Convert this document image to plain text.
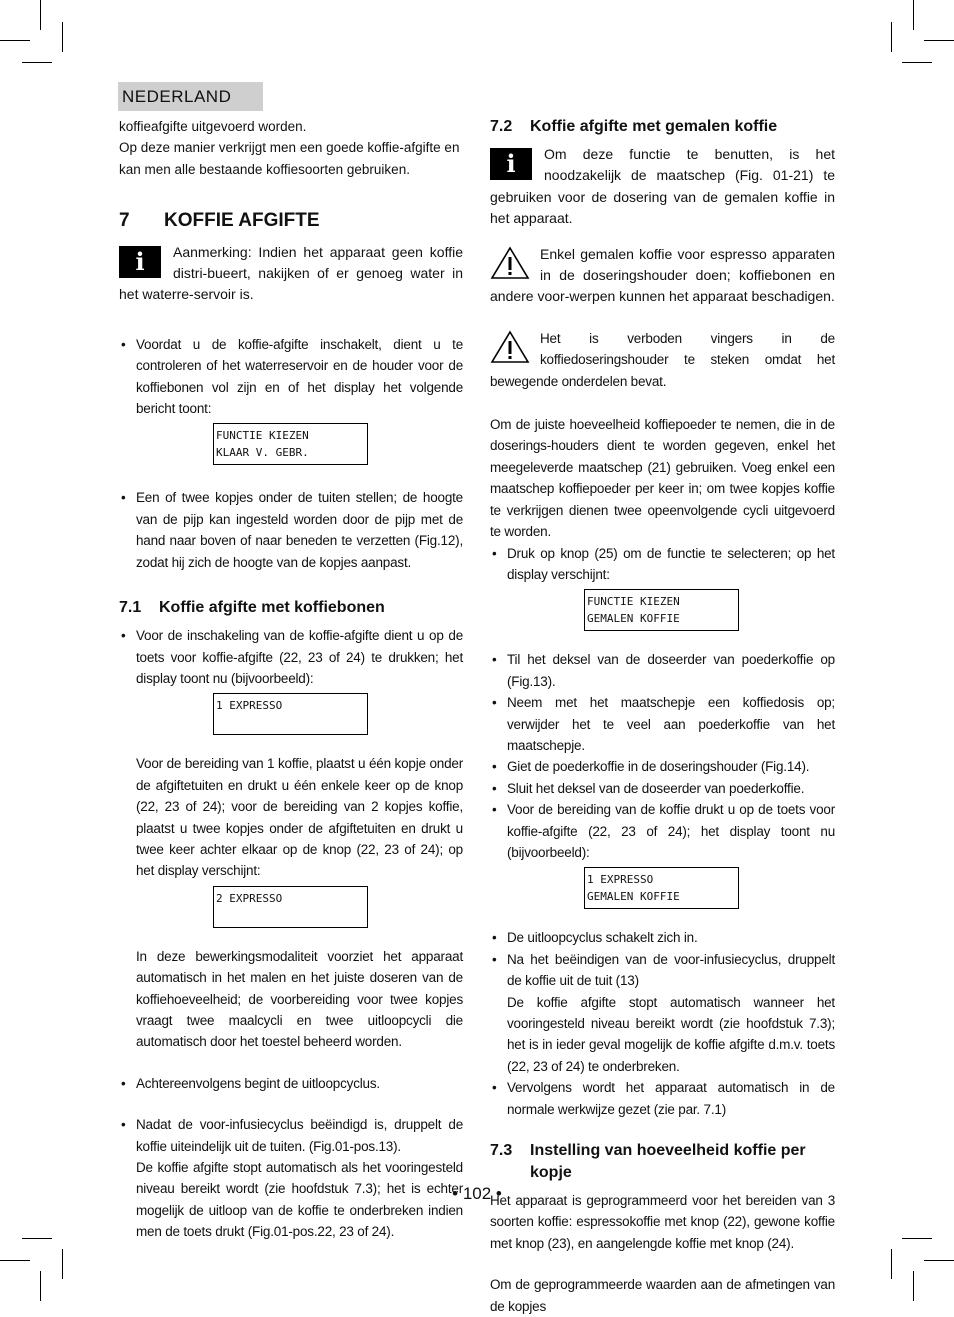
NEDERLAND

koffieafgifte uitgevoerd worden.

Op deze manier verkrijgt men een goede koffie-afgifte en kan men alle bestaande koffiesoorten gebruiken.

7	KOFFIE AFGIFTE
i	Aanmerking: Indien het apparaat geen koffie distri-bueert, nakijken of er genoeg water in het waterre-servoir is.

• Voordat u de koffie-afgifte inschakelt, dient u te controleren of het waterreservoir en de houder voor de koffiebonen vol zijn en of het display het volgende bericht toont:

FUNCTIE KIEZEN
KLAAR V. GEBR.

• Een of twee kopjes onder de tuiten stellen; de hoogte van de pijp kan ingesteld worden door de pijp met de hand naar boven of naar beneden te verzetten (Fig.12), zodat hij zich de hoogte van de kopjes aanpast.

7.1	Koffie afgifte met koffiebonen

• Voor de inschakeling van de koffie-afgifte dient u op de toets voor koffie-afgifte (22, 23 of 24) te drukken; het display toont nu (bijvoorbeeld):

1 EXPRESSO

Voor de bereiding van 1 koffie, plaatst u één kopje onder de afgiftetuiten en drukt u één enkele keer op de knop (22, 23 of 24); voor de bereiding van 2 kopjes koffie, plaatst u twee kopjes onder de afgiftetuiten en drukt u twee keer achter elkaar op de knop (22, 23 of 24); op het display verschijnt:

2 EXPRESSO

In deze bewerkingsmodaliteit voorziet het apparaat automatisch in het malen en het juiste doseren van de koffiehoeveelheid; de voorbereiding voor twee kopjes vraagt twee maalcycli en twee uitloopcycli die automatisch door het toestel beheerd worden.

• Achtereenvolgens begint de uitloopcyclus.

• Nadat de voor-infusiecyclus beëindigd is, druppelt de koffie uiteindelijk uit de tuiten. (Fig.01-pos.13).

De koffie afgifte stopt automatisch als het vooringesteld niveau bereikt wordt (zie hoofdstuk 7.3); het is echter mogelijk de uitloop van de koffie te onderbreken indien men de toets drukt (Fig.01-pos.22, 23 of 24).

7.2	Koffie afgifte met gemalen koffie
i	Om deze functie te benutten, is het noodzakelijk de maatschep (Fig. 01-21) te gebruiken voor de dosering van de gemalen koffie in het apparaat.

Enkel gemalen koffie voor espresso apparaten in de doseringshouder doen; koffiebonen en andere voor-werpen kunnen het apparaat beschadigen.

Het is verboden vingers in de koffiedoseringshouder te steken omdat het bewegende onderdelen bevat.

Om de juiste hoeveelheid koffiepoeder te nemen, die in de doserings-houders dient te worden gegeven, enkel het meegeleverde maatschep (21) gebruiken. Voeg enkel een maatschep koffiepoeder per keer in; om twee kopjes koffie te verkrijgen dienen twee opeenvolgende cycli uitgevoerd te worden.

• Druk op knop (25) om de functie te selecteren; op het display verschijnt:

FUNCTIE KIEZEN
GEMALEN KOFFIE

• Til het deksel van de doseerder van poederkoffie op (Fig.13).

• Neem met het maatschepje een koffiedosis op; verwijder het te veel aan poederkoffie van het maatschepje.

• Giet de poederkoffie in de doseringshouder (Fig.14).

• Sluit het deksel van de doseerder van poederkoffie.

• Voor de bereiding van de koffie drukt u op de toets voor koffie-afgifte (22, 23 of 24); het display toont nu (bijvoorbeeld):

1 EXPRESSO
GEMALEN KOFFIE

• De uitloopcyclus schakelt zich in.

• Na het beëindigen van de voor-infusiecyclus, druppelt de koffie uit de tuit (13)

De koffie afgifte stopt automatisch wanneer het vooringesteld niveau bereikt wordt (zie hoofdstuk 7.3); het is in ieder geval mogelijk de koffie afgifte d.m.v. toets (22, 23 of 24) te onderbreken.

• Vervolgens wordt het apparaat automatisch in de normale werkwijze gezet (zie par. 7.1)

7.3	Instelling van hoeveelheid koffie per kopje

Het apparaat is geprogrammeerd voor het bereiden van 3 soorten koffie: espressokoffie met knop (22), gewone koffie met knop (23), en aangelengde koffie met knop (24).

Om de geprogrammeerde waarden aan de afmetingen van de kopjes

• 102 •
